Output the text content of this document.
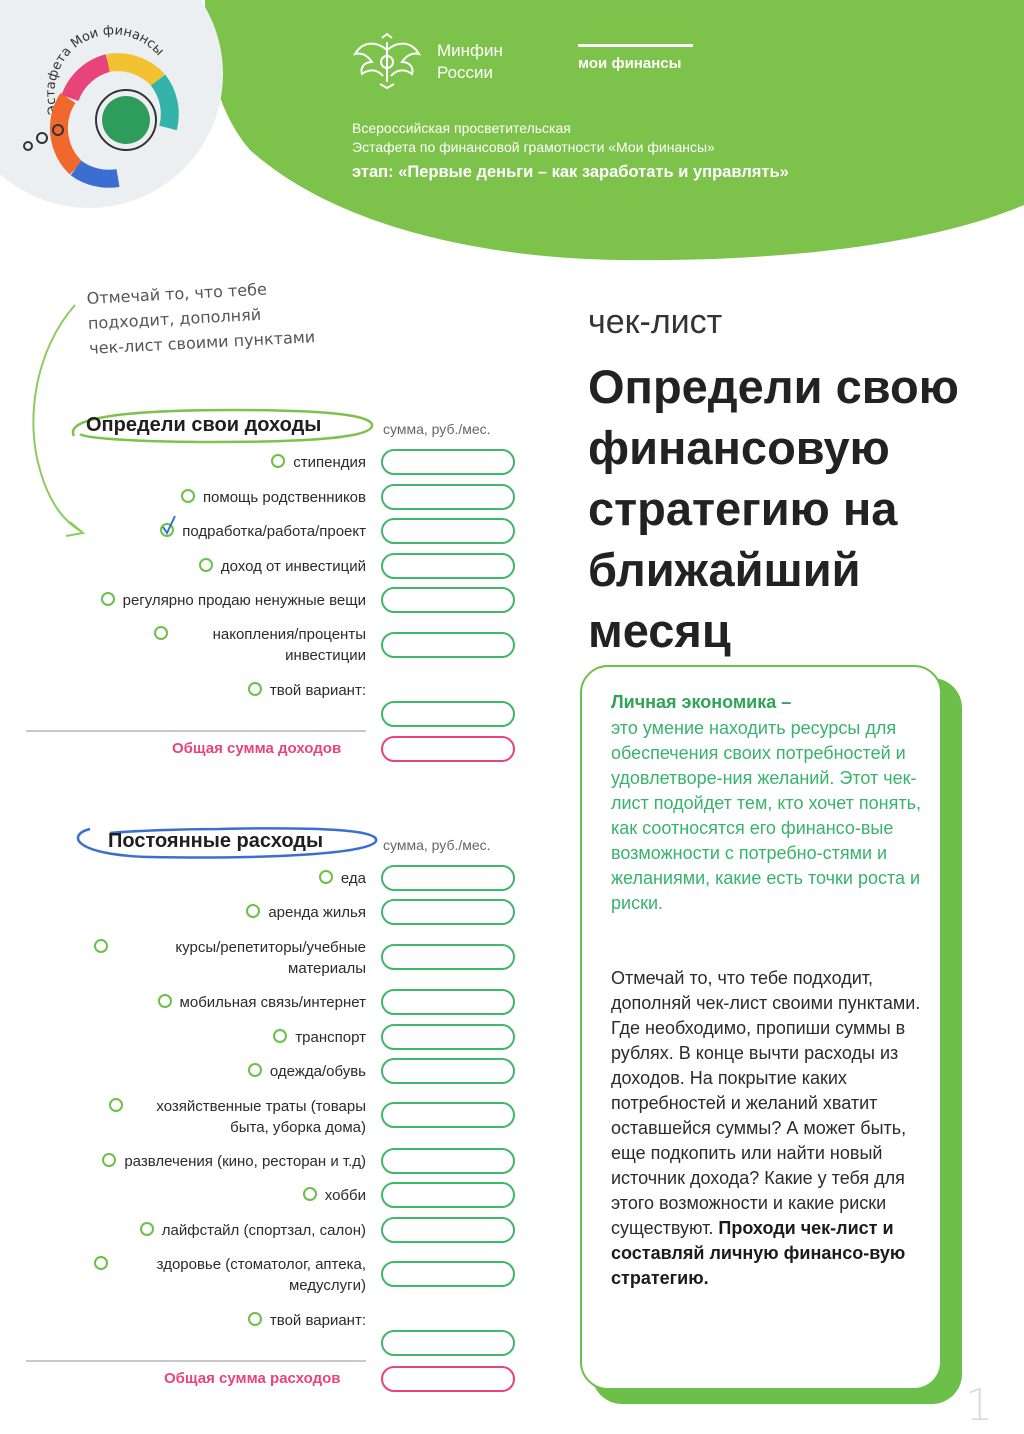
Эстафета Мои финансы	Минфин
России	мои финансы
Всероссийская просветительская
Эстафета по финансовой грамотности «Мои финансы»
этап: «Первые деньги – как заработать и управлять»
Отмечай то, что тебе
подходит, дополняй
чек-лист своими пунктами
Определи свои доходы	сумма, руб./мес.
стипендия
помощь родственников
подработка/работа/проект
доход от инвестиций
регулярно продаю ненужные вещи
накопления/проценты инвестиции
твой вариант:
Общая сумма доходов
Постоянные расходы	сумма, руб./мес.
еда
аренда жилья
курсы/репетиторы/учебные материалы
мобильная связь/интернет
транспорт
одежда/обувь
хозяйственные траты (товары быта, уборка дома)
развлечения (кино, ресторан и т.д)
хобби
лайфстайл (спортзал, салон)
здоровье (стоматолог, аптека, медуслуги)
твой вариант:
Общая сумма расходов
чек-лист
Определи свою финансовую стратегию на ближайший месяц
Личная экономика –
это умение находить ресурсы для обеспечения своих потребностей и удовлетворе-ния желаний. Этот чек-лист подойдет тем, кто хочет понять, как соотносятся его финансо-вые возможности с потребно-стями и желаниями, какие есть точки роста и риски.
Отмечай то, что тебе подходит, дополняй чек-лист своими пунктами. Где необходимо, пропиши суммы в рублях. В конце вычти расходы из доходов. На покрытие каких потребностей и желаний хватит оставшейся суммы? А может быть, еще подкопить или найти новый источник дохода? Какие у тебя для этого возможности и какие риски существуют. Проходи чек-лист и составляй личную финансо-вую стратегию.
1
